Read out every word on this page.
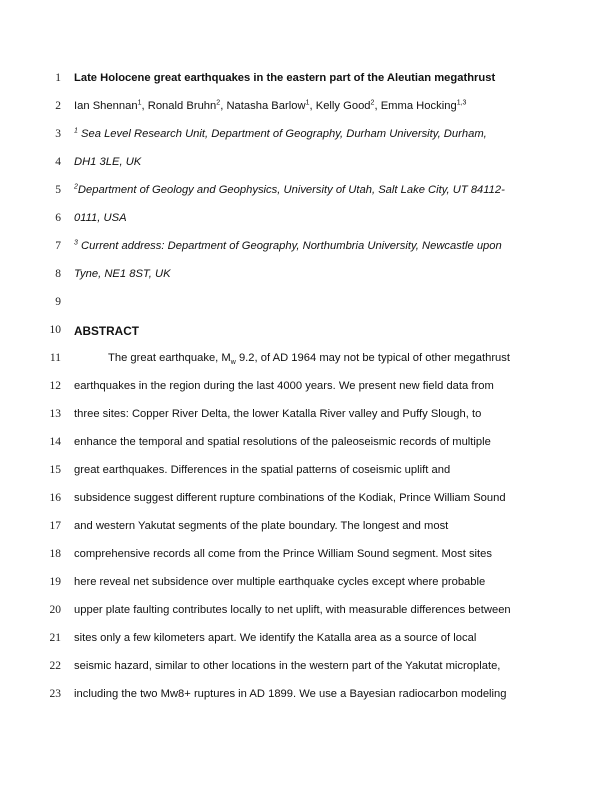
1 Late Holocene great earthquakes in the eastern part of the Aleutian megathrust
2 Ian Shennan$^1$, Ronald Bruhn$^2$, Natasha Barlow$^1$, Kelly Good$^2$, Emma Hocking$^{1,3}$
3 $^1$ Sea Level Research Unit, Department of Geography, Durham University, Durham,
4 DH1 3LE, UK
5 $^2$Department of Geology and Geophysics, University of Utah, Salt Lake City, UT 84112-
6 0111, USA
7 $^3$ Current address: Department of Geography, Northumbria University, Newcastle upon
8 Tyne, NE1 8ST, UK
9
10 ABSTRACT
11	The great earthquake, $M_w$ 9.2, of AD 1964 may not be typical of other megathrust
12 earthquakes in the region during the last 4000 years. We present new field data from
13 three sites: Copper River Delta, the lower Katalla River valley and Puffy Slough, to
14 enhance the temporal and spatial resolutions of the paleoseismic records of multiple
15 great earthquakes. Differences in the spatial patterns of coseismic uplift and
16 subsidence suggest different rupture combinations of the Kodiak, Prince William Sound
17 and western Yakutat segments of the plate boundary. The longest and most
18 comprehensive records all come from the Prince William Sound segment. Most sites
19 here reveal net subsidence over multiple earthquake cycles except where probable
20 upper plate faulting contributes locally to net uplift, with measurable differences between
21 sites only a few kilometers apart. We identify the Katalla area as a source of local
22 seismic hazard, similar to other locations in the western part of the Yakutat microplate,
23 including the two Mw8+ ruptures in AD 1899. We use a Bayesian radiocarbon modeling
